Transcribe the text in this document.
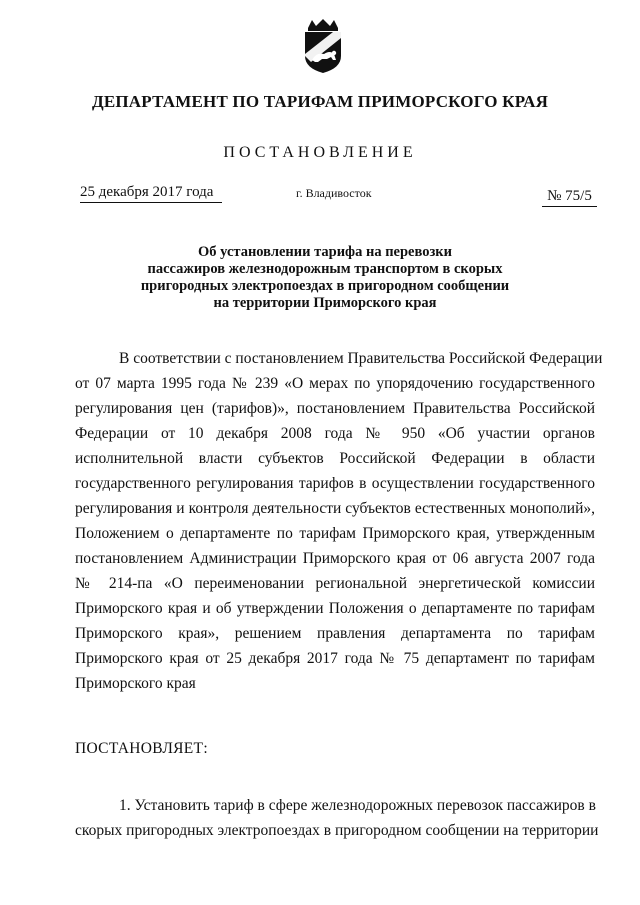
ДЕПАРТАМЕНТ ПО ТАРИФАМ ПРИМОРСКОГО КРАЯ
ПОСТАНОВЛЕНИЕ
25 декабря 2017 года	г. Владивосток	№ 75/5
Об установлении тарифа на перевозки
пассажиров железнодорожным транспортом в скорых
пригородных электропоездах в пригородном сообщении
на территории Приморского края
В соответствии с постановлением Правительства Российской Федерации
от 07 марта 1995 года № 239 «О мерах по упорядочению государственного
регулирования цен (тарифов)», постановлением Правительства Российской
Федерации от 10 декабря 2008 года № 950 «Об участии органов
исполнительной власти субъектов Российской Федерации в области
государственного регулирования тарифов в осуществлении государственного
регулирования и контроля деятельности субъектов естественных монополий»,
Положением о департаменте по тарифам Приморского края, утвержденным
постановлением Администрации Приморского края от 06 августа 2007 года
№ 214-па «О переименовании региональной энергетической комиссии
Приморского края и об утверждении Положения о департаменте по тарифам
Приморского края», решением правления департамента по тарифам
Приморского края от 25 декабря 2017 года № 75 департамент по тарифам
Приморского края
ПОСТАНОВЛЯЕТ:
1. Установить тариф в сфере железнодорожных перевозок пассажиров в
скорых пригородных электропоездах в пригородном сообщении на территории
